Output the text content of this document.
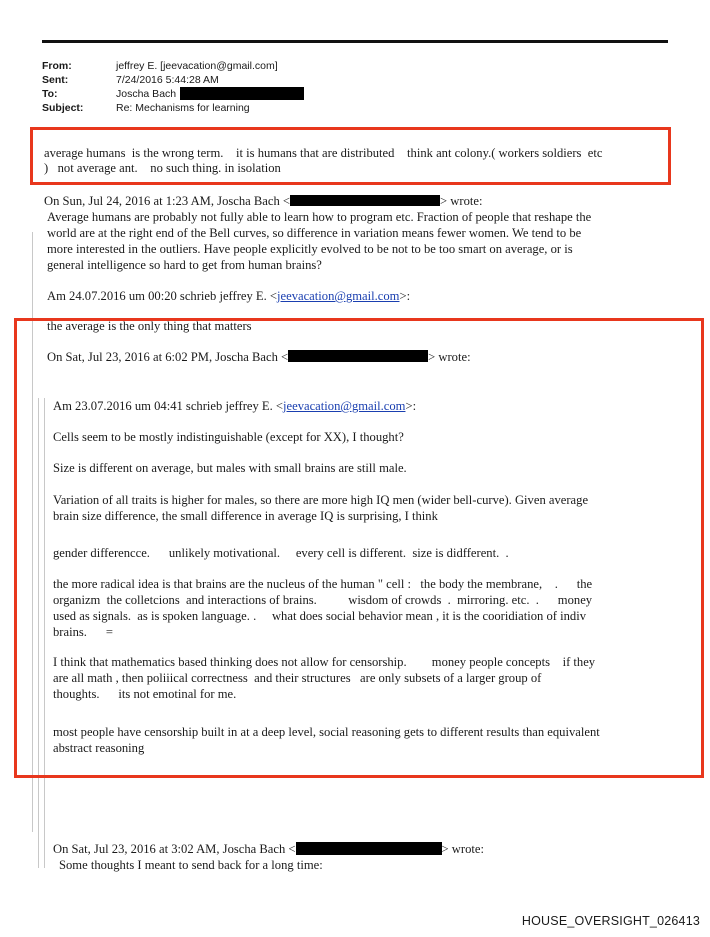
From:	jeffrey E. [jeevacation@gmail.com]
Sent:	7/24/2016 5:44:28 AM
To:	Joscha Bach
Subject:	Re: Mechanisms for learning
average humans  is the wrong term.    it is humans that are distributed    think ant colony.( workers soldiers  etc
)   not average ant.    no such thing. in isolation
On Sun, Jul 24, 2016 at 1:23 AM, Joscha Bach <	> wrote:
Average humans are probably not fully able to learn how to program etc. Fraction of people that reshape the
world are at the right end of the Bell curves, so difference in variation means fewer women. We tend to be
more interested in the outliers. Have people explicitly evolved to be not to be too smart on average, or is
general intelligence so hard to get from human brains?
Am 24.07.2016 um 00:20 schrieb jeffrey E. <jeevacation@gmail.com>:
the average is the only thing that matters
On Sat, Jul 23, 2016 at 6:02 PM, Joscha Bach <	> wrote:
Am 23.07.2016 um 04:41 schrieb jeffrey E. <jeevacation@gmail.com>:
Cells seem to be mostly indistinguishable (except for XX), I thought?
Size is different on average, but males with small brains are still male.
Variation of all traits is higher for males, so there are more high IQ men (wider bell-curve). Given average
brain size difference, the small difference in average IQ is surprising, I think
gender differencce.      unlikely motivational.     every cell is different.  size is didfferent.  .
the more radical idea is that brains are the nucleus of the human " cell :   the body the membrane,    .      the
organizm  the colletcions  and interactions of brains.          wisdom of crowds  .  mirroring. etc.  .      money
used as signals.  as is spoken language. .     what does social behavior mean , it is the cooridiation of indiv
brains.      =
I think that mathematics based thinking does not allow for censorship.        money people concepts    if they
are all math , then poliiical correctness  and their structures   are only subsets of a larger group of
thoughts.      its not emotinal for me.
most people have censorship built in at a deep level, social reasoning gets to different results than equivalent
abstract reasoning
On Sat, Jul 23, 2016 at 3:02 AM, Joscha Bach <	> wrote:
Some thoughts I meant to send back for a long time:
HOUSE_OVERSIGHT_026413
